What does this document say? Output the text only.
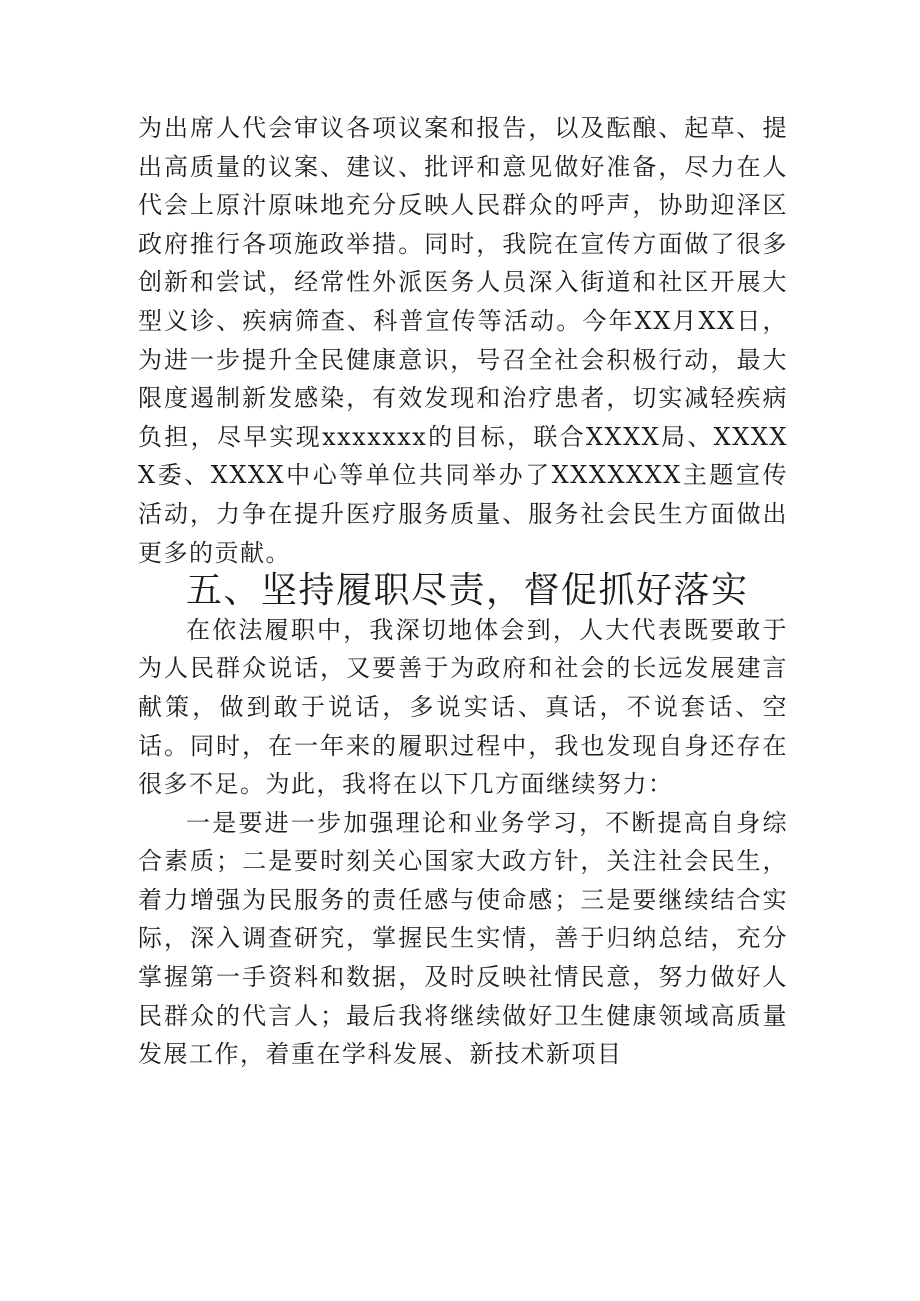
为出席人代会审议各项议案和报告，以及酝酿、起草、提出高质量的议案、建议、批评和意见做好准备，尽力在人代会上原汁原味地充分反映人民群众的呼声，协助迎泽区政府推行各项施政举措。同时，我院在宣传方面做了很多创新和尝试，经常性外派医务人员深入街道和社区开展大型义诊、疾病筛查、科普宣传等活动。今年XX月XX日，为进一步提升全民健康意识，号召全社会积极行动，最大限度遏制新发感染，有效发现和治疗患者，切实减轻疾病负担，尽早实现xxxxxxx的目标，联合XXXX局、XXXXX委、XXXX中心等单位共同举办了XXXXXXX主题宣传活动，力争在提升医疗服务质量、服务社会民生方面做出更多的贡献。

五、坚持履职尽责，督促抓好落实

在依法履职中，我深切地体会到，人大代表既要敢于为人民群众说话，又要善于为政府和社会的长远发展建言献策，做到敢于说话，多说实话、真话，不说套话、空话。同时，在一年来的履职过程中，我也发现自身还存在很多不足。为此，我将在以下几方面继续努力：

一是要进一步加强理论和业务学习，不断提高自身综合素质；二是要时刻关心国家大政方针，关注社会民生，着力增强为民服务的责任感与使命感；三是要继续结合实际，深入调查研究，掌握民生实情，善于归纳总结，充分掌握第一手资料和数据，及时反映社情民意，努力做好人民群众的代言人；最后我将继续做好卫生健康领域高质量发展工作，着重在学科发展、新技术新项目
